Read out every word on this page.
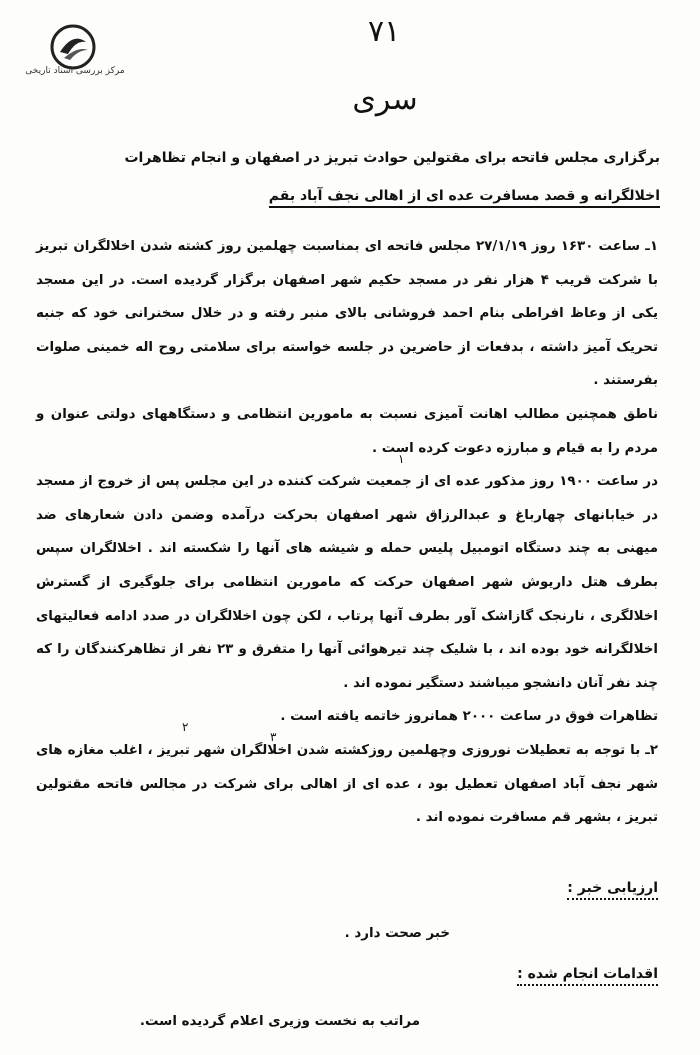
مرکز بررسی اسناد تاریخی
۷۱
سری
برگزاری مجلس فاتحه برای مقتولین حوادث تبریز در اصفهان و انجام تظاهرات
اخلالگرانه و قصد مسافرت عده ای از اهالی نجف آباد بقم

۱ـ ساعت ۱۶۳۰ روز ۲۷/۱/۱۹ مجلس فاتحه ای بمناسبت چهلمین روز کشته شدن اخلالگران تبریز با شرکت قریب ۴ هزار نفر در مسجد حکیم شهر اصفهان برگزار گردیده است. در این مسجد یکی از وعاظ افراطی بنام احمد فروشانی بالای منبر رفته و در خلال سخنرانی خود که جنبه تحریک آمیز داشته ، بدفعات از حاضرین در جلسه خواسته برای سلامتی روح اله خمینی صلوات بفرستند .

ناطق همچنین مطالب اهانت آمیزی نسبت به مامورین انتظامی و دستگاههای دولتی عنوان و مردم را به قیام و مبارزه دعوت کرده است .

در ساعت ۱۹۰۰ روز مذکور عده ای از جمعیت شرکت کننده در این مجلس پس از خروج از مسجد در خیابانهای چهارباغ و عبدالرزاق شهر اصفهان بحرکت درآمده وضمن دادن شعارهای ضد میهنی به چند دستگاه اتومبیل پلیس حمله و شیشه های آنها را شکسته اند . اخلالگران سپس بطرف هتل داریوش شهر اصفهان حرکت که مامورین انتظامی برای جلوگیری از گسترش اخلالگری ، نارنجک گازاشک آور بطرف آنها پرتاب ، لکن چون اخلالگران در صدد ادامه فعالیتهای اخلالگرانه خود بوده اند ، با شلیک چند تیرهوائی آنها را متفرق و ۲۳ نفر از تظاهرکنندگان را که چند نفر آنان دانشجو میباشند دستگیر نموده اند .

تظاهرات فوق در ساعت ۲۰۰۰ همانروز خاتمه یافته است .

۲ـ با توجه به تعطیلات نوروزی وچهلمین روزکشته شدن اخلالگران شهر تبریز ، اغلب مغازه های شهر نجف آباد اصفهان تعطیل بود ، عده ای از اهالی برای شرکت در مجالس فاتحه مقتولین تبریز ، بشهر قم مسافرت نموده اند .

۱
۲
۳
ارزیابی خبر :
خبر صحت دارد .
اقدامات انجام شده :
مراتب به نخست وزیری اعلام گردیده است.
